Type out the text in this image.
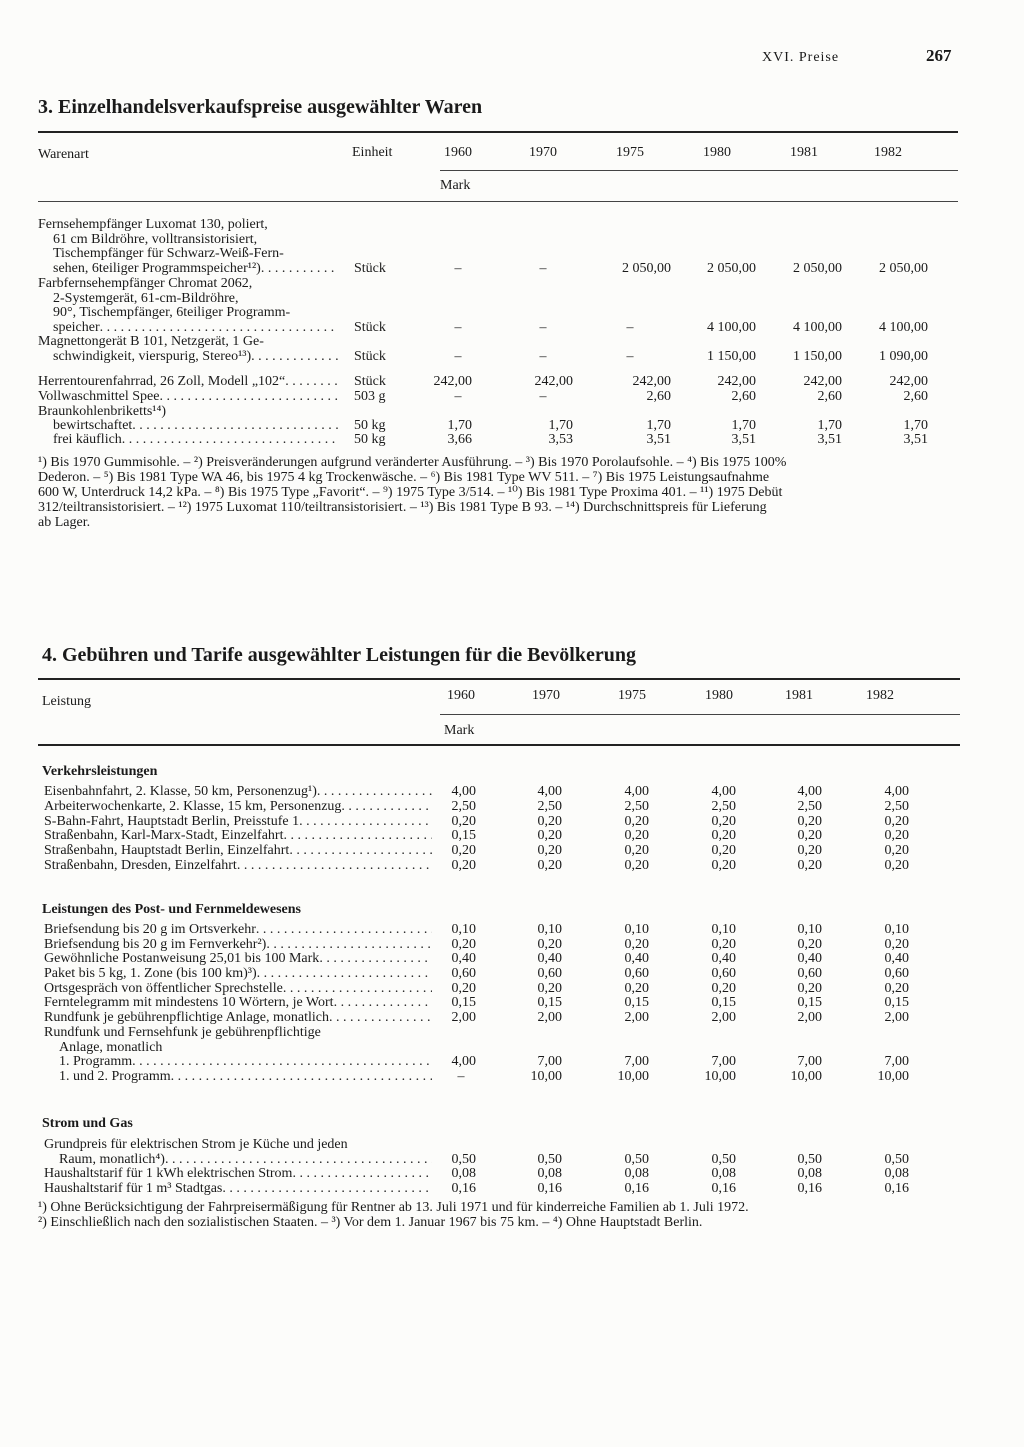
XVI. Preise	267
3. Einzelhandelsverkaufspreise ausgewählter Waren
Warenart	Einheit
Mark
1960	1970	1975	1980	1981	1982
Fernsehempfänger Luxomat 130, poliert,
61 cm Bildröhre, volltransistorisiert,
Tischempfänger für Schwarz-Weiß-Fern-
sehen, 6teiliger Programmspeicher¹²) . . .	Stück	–	–	2 050,00	2 050,00	2 050,00	2 050,00
Farbfernsehempfänger Chromat 2062,
2-Systemgerät, 61-cm-Bildröhre,
90°, Tischempfänger, 6teiliger Programm-
speicher . . .	Stück	–	–	–	4 100,00	4 100,00	4 100,00
Magnettongerät B 101, Netzgerät, 1 Ge-
schwindigkeit, vierspurig, Stereo¹³) . . .	Stück	–	–	–	1 150,00	1 150,00	1 090,00
Herrentourenfahrrad, 26 Zoll, Modell „102“ . . .	Stück	242,00	242,00	242,00	242,00	242,00	242,00
Vollwaschmittel Spee . . .	503 g	–	–	2,60	2,60	2,60	2,60
Braunkohlenbriketts¹⁴)
bewirtschaftet . . .	50 kg	1,70	1,70	1,70	1,70	1,70	1,70
frei käuflich . . .	50 kg	3,66	3,53	3,51	3,51	3,51	3,51
¹) Bis 1970 Gummisohle. – ²) Preisveränderungen aufgrund veränderter Ausführung. – ³) Bis 1970 Porolaufsohle. – ⁴) Bis 1975 100%
Dederon. – ⁵) Bis 1981 Type WA 46, bis 1975 4 kg Trockenwäsche. – ⁶) Bis 1981 Type WV 511. – ⁷) Bis 1975 Leistungsaufnahme
600 W, Unterdruck 14,2 kPa. – ⁸) Bis 1975 Type „Favorit“. – ⁹) 1975 Type 3/514. – ¹⁰) Bis 1981 Type Proxima 401. – ¹¹) 1975 Debüt
312/teiltransistorisiert. – ¹²) 1975 Luxomat 110/teiltransistorisiert. – ¹³) Bis 1981 Type B 93. – ¹⁴) Durchschnittspreis für Lieferung
ab Lager.
4. Gebühren und Tarife ausgewählter Leistungen für die Bevölkerung
Leistung
Mark
1960	1970	1975	1980	1981	1982
Verkehrsleistungen
Eisenbahnfahrt, 2. Klasse, 50 km, Personenzug¹) . . .	4,00	4,00	4,00	4,00	4,00	4,00
Arbeiterwochenkarte, 2. Klasse, 15 km, Personenzug . . .	2,50	2,50	2,50	2,50	2,50	2,50
S-Bahn-Fahrt, Hauptstadt Berlin, Preisstufe 1 . . .	0,20	0,20	0,20	0,20	0,20	0,20
Straßenbahn, Karl-Marx-Stadt, Einzelfahrt . . .	0,15	0,20	0,20	0,20	0,20	0,20
Straßenbahn, Hauptstadt Berlin, Einzelfahrt . . .	0,20	0,20	0,20	0,20	0,20	0,20
Straßenbahn, Dresden, Einzelfahrt . . .	0,20	0,20	0,20	0,20	0,20	0,20
Leistungen des Post- und Fernmeldewesens
Briefsendung bis 20 g im Ortsverkehr . . .	0,10	0,10	0,10	0,10	0,10	0,10
Briefsendung bis 20 g im Fernverkehr²) . . .	0,20	0,20	0,20	0,20	0,20	0,20
Gewöhnliche Postanweisung 25,01 bis 100 Mark . . .	0,40	0,40	0,40	0,40	0,40	0,40
Paket bis 5 kg, 1. Zone (bis 100 km)³) . . .	0,60	0,60	0,60	0,60	0,60	0,60
Ortsgespräch von öffentlicher Sprechstelle . . .	0,20	0,20	0,20	0,20	0,20	0,20
Ferntelegramm mit mindestens 10 Wörtern, je Wort . . .	0,15	0,15	0,15	0,15	0,15	0,15
Rundfunk je gebührenpflichtige Anlage, monatlich . . .	2,00	2,00	2,00	2,00	2,00	2,00
Rundfunk und Fernsehfunk je gebührenpflichtige
Anlage, monatlich
1. Programm . . .	4,00	7,00	7,00	7,00	7,00	7,00
1. und 2. Programm . . .	–	10,00	10,00	10,00	10,00	10,00
Strom und Gas
Grundpreis für elektrischen Strom je Küche und jeden
Raum, monatlich⁴) . . .	0,50	0,50	0,50	0,50	0,50	0,50
Haushaltstarif für 1 kWh elektrischen Strom . . .	0,08	0,08	0,08	0,08	0,08	0,08
Haushaltstarif für 1 m³ Stadtgas . . .	0,16	0,16	0,16	0,16	0,16	0,16
¹) Ohne Berücksichtigung der Fahrpreisermäßigung für Rentner ab 13. Juli 1971 und für kinderreiche Familien ab 1. Juli 1972.
²) Einschließlich nach den sozialistischen Staaten. – ³) Vor dem 1. Januar 1967 bis 75 km. – ⁴) Ohne Hauptstadt Berlin.
